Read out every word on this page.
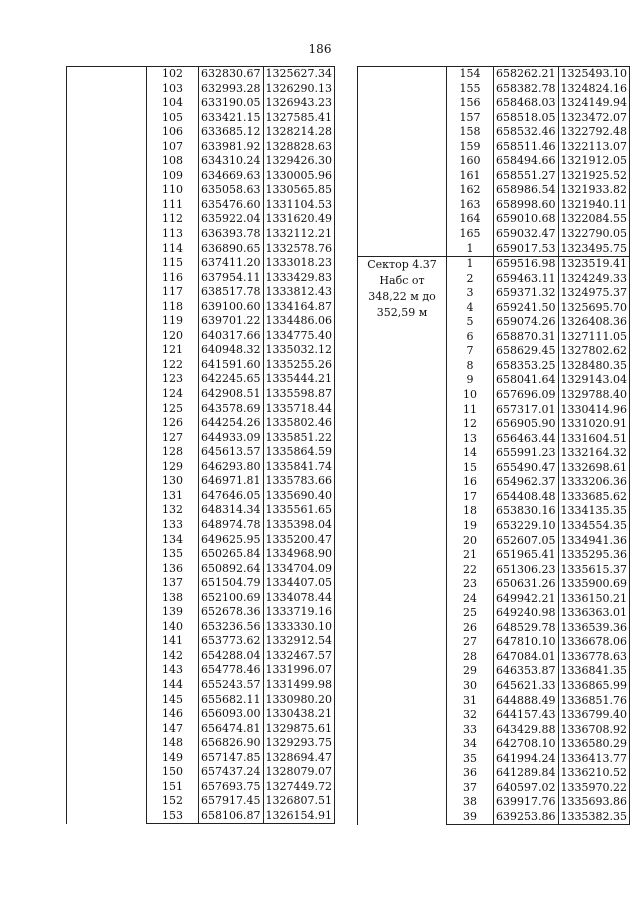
186
	102	632830.67	1325627.34
	103	632993.28	1326290.13
	104	633190.05	1326943.23
	105	633421.15	1327585.41
	106	633685.12	1328214.28
	107	633981.92	1328828.63
	108	634310.24	1329426.30
	109	634669.63	1330005.96
	110	635058.63	1330565.85
	111	635476.60	1331104.53
	112	635922.04	1331620.49
	113	636393.78	1332112.21
	114	636890.65	1332578.76
	115	637411.20	1333018.23
	116	637954.11	1333429.83
	117	638517.78	1333812.43
	118	639100.60	1334164.87
	119	639701.22	1334486.06
	120	640317.66	1334775.40
	121	640948.32	1335032.12
	122	641591.60	1335255.26
	123	642245.65	1335444.21
	124	642908.51	1335598.87
	125	643578.69	1335718.44
	126	644254.26	1335802.46
	127	644933.09	1335851.22
	128	645613.57	1335864.59
	129	646293.80	1335841.74
	130	646971.81	1335783.66
	131	647646.05	1335690.40
	132	648314.34	1335561.65
	133	648974.78	1335398.04
	134	649625.95	1335200.47
	135	650265.84	1334968.90
	136	650892.64	1334704.09
	137	651504.79	1334407.05
	138	652100.69	1334078.44
	139	652678.36	1333719.16
	140	653236.56	1333330.10
	141	653773.62	1332912.54
	142	654288.04	1332467.57
	143	654778.46	1331996.07
	144	655243.57	1331499.98
	145	655682.11	1330980.20
	146	656093.00	1330438.21
	147	656474.81	1329875.61
	148	656826.90	1329293.75
	149	657147.85	1328694.47
	150	657437.24	1328079.07
	151	657693.75	1327449.72
	152	657917.45	1326807.51
	153	658106.87	1326154.91
	154	658262.21	1325493.10
	155	658382.78	1324824.16
	156	658468.03	1324149.94
	157	658518.05	1323472.07
	158	658532.46	1322792.48
	159	658511.46	1322113.07
	160	658494.66	1321912.05
	161	658551.27	1321925.52
	162	658986.54	1321933.82
	163	658998.60	1321940.11
	164	659010.68	1322084.55
	165	659032.47	1322790.05
	1	659017.53	1323495.75

Сектор 4.37
Набс от
348,22 м до
352,59 м	1	659516.98	1323519.41
	2	659463.11	1324249.33
	3	659371.32	1324975.37
	4	659241.50	1325695.70
	5	659074.26	1326408.36
	6	658870.31	1327111.05
	7	658629.45	1327802.62
	8	658353.25	1328480.35
	9	658041.64	1329143.04
	10	657696.09	1329788.40
	11	657317.01	1330414.96
	12	656905.90	1331020.91
	13	656463.44	1331604.51
	14	655991.23	1332164.32
	15	655490.47	1332698.61
	16	654962.37	1333206.36
	17	654408.48	1333685.62
	18	653830.16	1334135.35
	19	653229.10	1334554.35
	20	652607.05	1334941.36
	21	651965.41	1335295.36
	22	651306.23	1335615.37
	23	650631.26	1335900.69
	24	649942.21	1336150.21
	25	649240.98	1336363.01
	26	648529.78	1336539.36
	27	647810.10	1336678.06
	28	647084.01	1336778.63
	29	646353.87	1336841.35
	30	645621.33	1336865.99
	31	644888.49	1336851.76
	32	644157.43	1336799.40
	33	643429.88	1336708.92
	34	642708.10	1336580.29
	35	641994.24	1336413.77
	36	641289.84	1336210.52
	37	640597.02	1335970.22
	38	639917.76	1335693.86
	39	639253.86	1335382.35
